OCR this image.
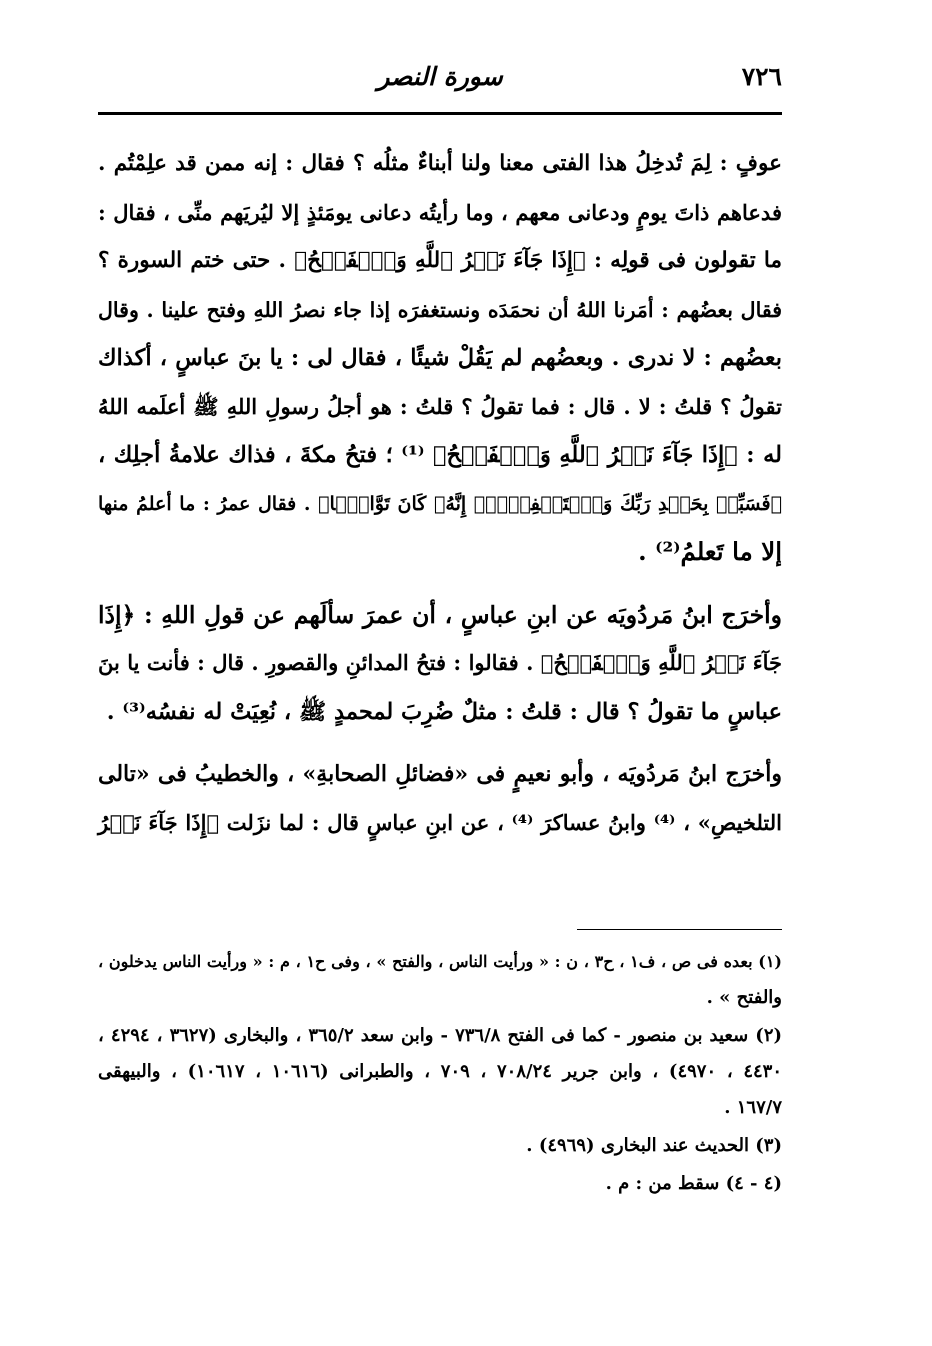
٧٢٦
سورة النصر
عوفٍ : لِمَ تُدخِلُ هذا الفتى معنا ولنا أبناءٌ مثلُه ؟ فقال : إنه ممن قد علِمْتُم .
فدعاهم ذاتَ يومٍ ودعانى معهم ، وما رأيتُه دعانى يومَئذٍ إلا ليُريَهم منِّى ، فقال :
ما تقولون فى قولِه : ﴿إِذَا جَآءَ نَصۡرُ ٱللَّهِ وَٱلۡفَتۡحُ﴾ . حتى ختم السورة ؟
فقال بعضُهم : أمَرنا اللهُ أن نحمَدَه ونستغفرَه إذا جاء نصرُ اللهِ وفتح علينا . وقال
بعضُهم : لا ندرى . وبعضُهم لم يَقُلْ شيئًا ، فقال لى : يا بنَ عباسٍ ، أكذاك
تقولُ ؟ قلتُ : لا . قال : فما تقولُ ؟ قلتُ : هو أجلُ رسولِ اللهِ ﷺ أعلَمه اللهُ
له : ﴿إِذَا جَآءَ نَصۡرُ ٱللَّهِ وَٱلۡفَتۡحُ﴾ ⁽¹⁾ ؛ فتحُ مكةَ ، فذاك علامةُ أجلِك ،
﴿فَسَبِّحۡ بِحَمۡدِ رَبِّكَ وَٱسۡتَغۡفِرۡهُۚ إِنَّهُۥ كَانَ تَوَّابَۢا﴾ . فقال عمرُ : ما أعلمُ منها
إلا ما تَعلمُ⁽²⁾ .
وأخرَج ابنُ مَردُويَه عن ابنِ عباسٍ ، أن عمرَ سألَهم عن قولِ اللهِ : ﴿إِذَا
جَآءَ نَصۡرُ ٱللَّهِ وَٱلۡفَتۡحُ﴾ . فقالوا : فتحُ المدائنِ والقصورِ . قال : فأنت يا بنَ
عباسٍ ما تقولُ ؟ قال : قلتُ : مثلٌ ضُرِبَ لمحمدٍ ﷺ ، نُعِيَتْ له نفسُه⁽³⁾ .
وأخرَج ابنُ مَردُويَه ، وأبو نعيمٍ فى «فضائلِ الصحابةِ» ، والخطيبُ فى «تالى
التلخيصِ» ، ⁽⁴⁾ وابنُ عساكرَ ⁽⁴⁾ ، عن ابنِ عباسٍ قال : لما نزَلت ﴿إِذَا جَآءَ نَصۡرُ
(١) بعده فى ص ، ف١ ، ح٣ ، ن : « ورأيت الناس ، والفتح » ، وفى ح١ ، م : « ورأيت الناس يدخلون ،
والفتح » .
(٢) سعيد بن منصور - كما فى الفتح ٧٣٦/٨ - وابن سعد ٣٦٥/٢ ، والبخارى (٣٦٢٧ ، ٤٢٩٤ ،
٤٤٣٠ ، ٤٩٧٠) ، وابن جرير ٧٠٨/٢٤ ، ٧٠٩ ، والطبرانى (١٠٦١٦ ، ١٠٦١٧) ، والبيهقى
١٦٧/٧ .
(٣) الحديث عند البخارى (٤٩٦٩) .
(٤ - ٤) سقط من : م .
